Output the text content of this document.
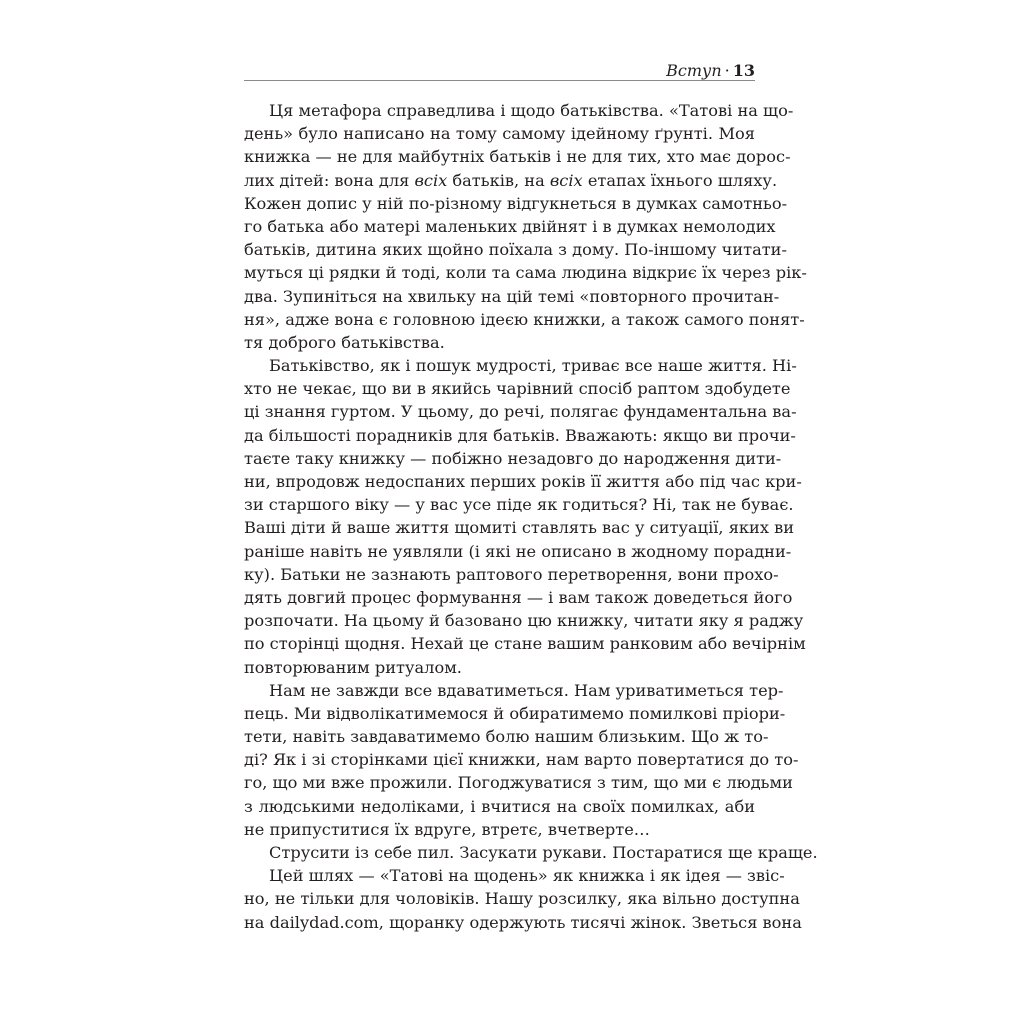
Вступ · 13
Ця метафора справедлива і щодо батьківства. «Татові на що-
день» було написано на тому самому ідейному ґрунті. Моя
книжка — не для майбутніх батьків і не для тих, хто має дорос-
лих дітей: вона для всіх батьків, на всіх етапах їхнього шляху.
Кожен допис у ній по-різному відгукнеться в думках самотньо-
го батька або матері маленьких двійнят і в думках немолодих
батьків, дитина яких щойно поїхала з дому. По-іншому читати-
муться ці рядки й тоді, коли та сама людина відкриє їх через рік-
два. Зупиніться на хвильку на цій темі «повторного прочитан-
ня», адже вона є головною ідеєю книжки, а також самого понят-
тя доброго батьківства.
Батьківство, як і пошук мудрості, триває все наше життя. Ні-
хто не чекає, що ви в якийсь чарівний спосіб раптом здобудете
ці знання гуртом. У цьому, до речі, полягає фундаментальна ва-
да більшості порадників для батьків. Вважають: якщо ви прочи-
таєте таку книжку — побіжно незадовго до народження дити-
ни, впродовж недоспаних перших років її життя або під час кри-
зи старшого віку — у вас усе піде як годиться? Ні, так не буває.
Ваші діти й ваше життя щомиті ставлять вас у ситуації, яких ви
раніше навіть не уявляли (і які не описано в жодному порадни-
ку). Батьки не зазнають раптового перетворення, вони прохо-
дять довгий процес формування — і вам також доведеться його
розпочати. На цьому й базовано цю книжку, читати яку я раджу
по сторінці щодня. Нехай це стане вашим ранковим або вечірнім
повторюваним ритуалом.
Нам не завжди все вдаватиметься. Нам уриватиметься тер-
пець. Ми відволікатимемося й обиратимемо помилкові пріори-
тети, навіть завдаватимемо болю нашим близьким. Що ж то-
ді? Як і зі сторінками цієї книжки, нам варто повертатися до то-
го, що ми вже прожили. Погоджуватися з тим, що ми є людьми
з людськими недоліками, і вчитися на своїх помилках, аби
не припуститися їх вдруге, втретє, вчетверте…
Струсити із себе пил. Засукати рукави. Постаратися ще краще.
Цей шлях — «Татові на щодень» як книжка і як ідея — звіс-
но, не тільки для чоловіків. Нашу розсилку, яка вільно доступна
на dailydad.com, щоранку одержують тисячі жінок. Зветься вона
